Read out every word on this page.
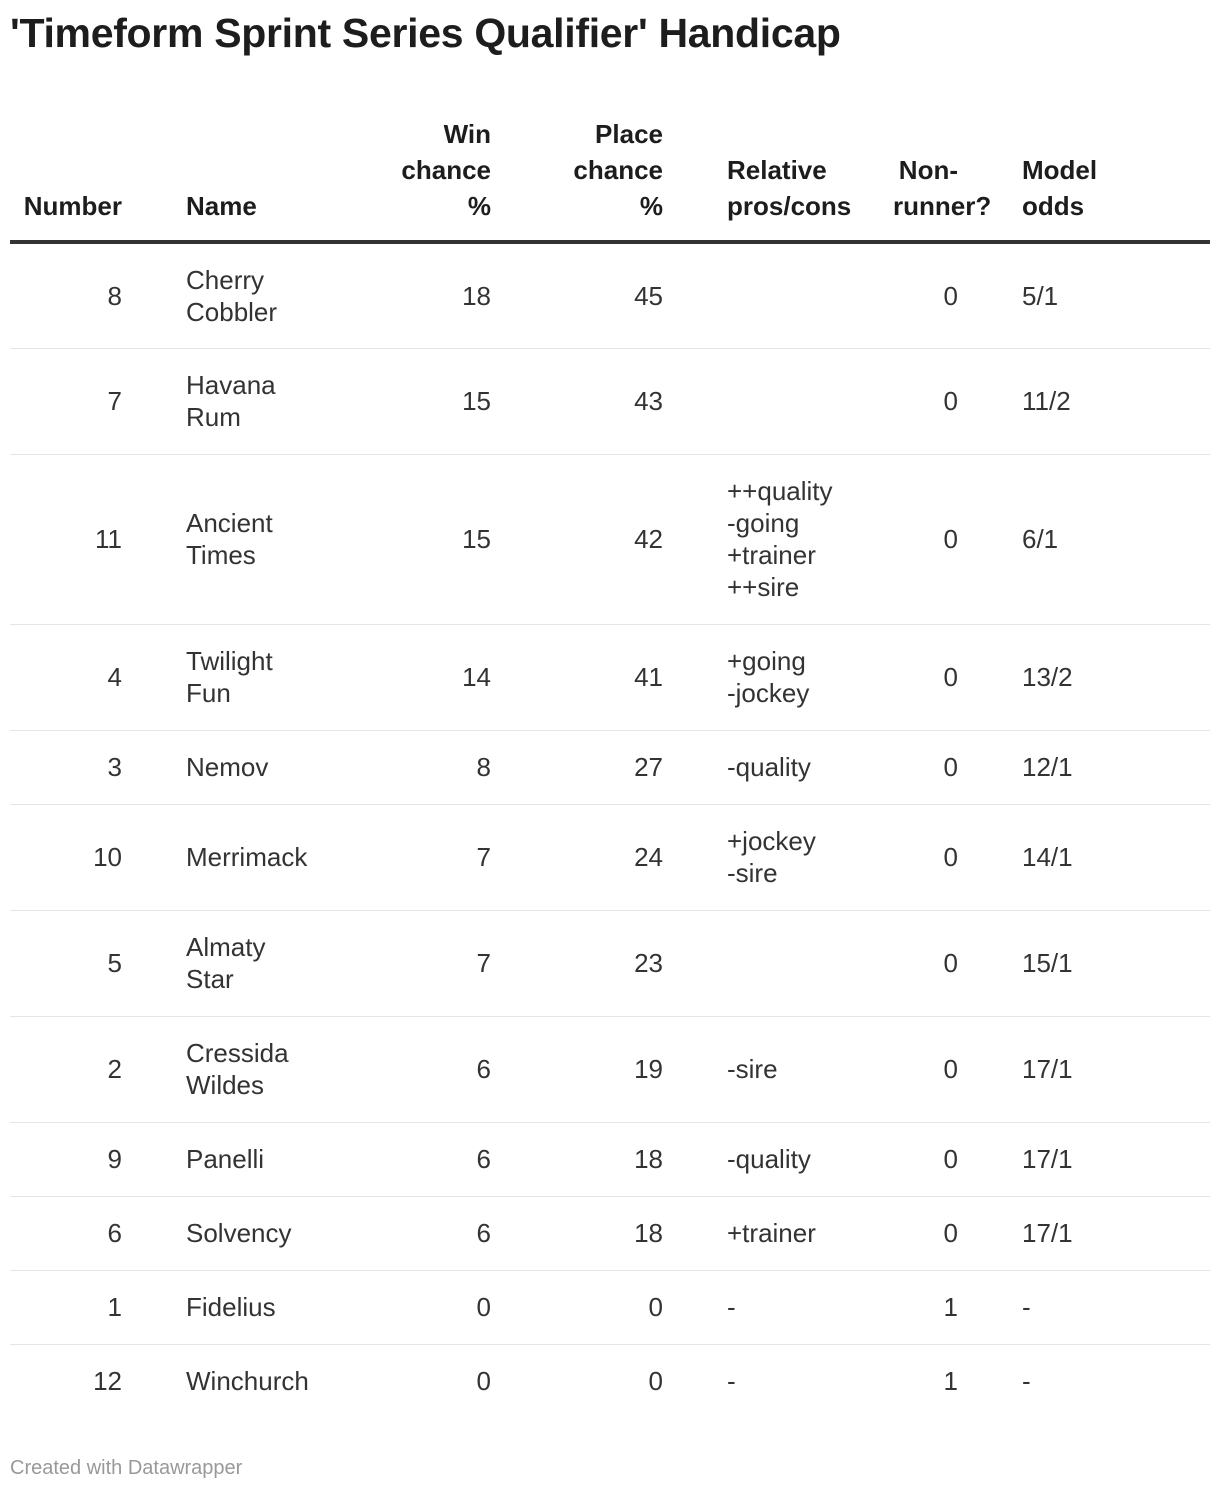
'Timeform Sprint Series Qualifier' Handicap
Number		Name	Win
chance
%	Place
chance
%		Relative
pros/cons	Non-
runner?	Model
odds

8		Cherry
Cobbler	18	45			0	5/1
7		Havana
Rum	15	43			0	11/2
11		Ancient
Times	15	42		++quality
-going
+trainer
++sire	0	6/1
4		Twilight
Fun	14	41		+going
-jockey	0	13/2
3		Nemov	8	27		-quality	0	12/1
10		Merrimack	7	24		+jockey
-sire	0	14/1
5		Almaty
Star	7	23			0	15/1
2		Cressida
Wildes	6	19		-sire	0	17/1
9		Panelli	6	18		-quality	0	17/1
6		Solvency	6	18		+trainer	0	17/1
1		Fidelius	0	0		-	1	-
12		Winchurch	0	0		-	1	-
Created with Datawrapper
